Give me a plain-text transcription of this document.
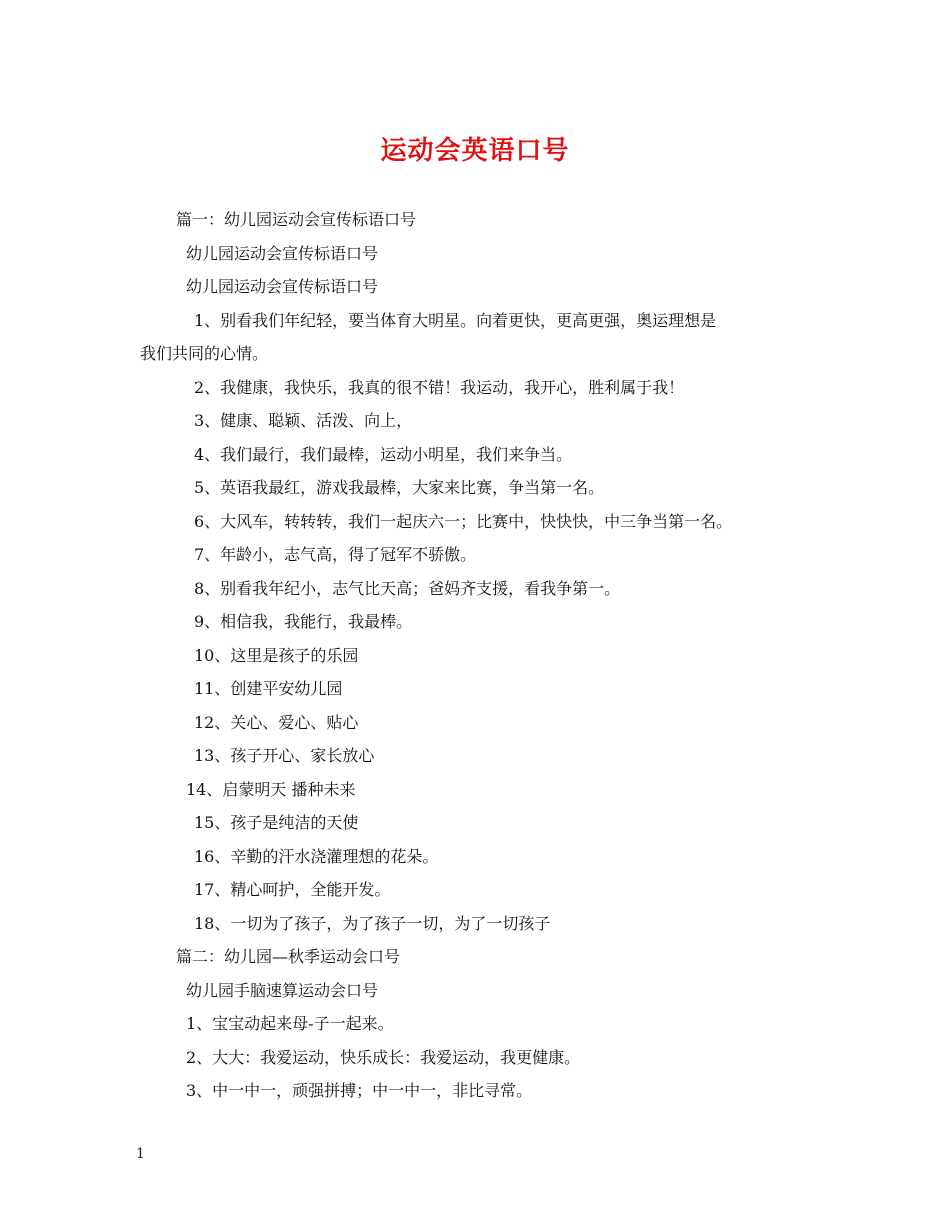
运动会英语口号
篇一：幼儿园运动会宣传标语口号
幼儿园运动会宣传标语口号
幼儿园运动会宣传标语口号
1、别看我们年纪轻，要当体育大明星。向着更快，更高更强，奥运理想是
我们共同的心情。
2、我健康，我快乐，我真的很不错！我运动，我开心，胜利属于我！
3、健康、聪颖、活泼、向上，
4、我们最行，我们最棒，运动小明星，我们来争当。
5、英语我最红，游戏我最棒，大家来比赛，争当第一名。
6、大风车，转转转，我们一起庆六一；比赛中，快快快，中三争当第一名。
7、年龄小，志气高，得了冠军不骄傲。
8、别看我年纪小，志气比天高；爸妈齐支援，看我争第一。
9、相信我，我能行，我最棒。
10、这里是孩子的乐园
11、创建平安幼儿园
12、关心、爱心、贴心
13、孩子开心、家长放心
14、启蒙明天 播种未来
15、孩子是纯洁的天使
16、辛勤的汗水浇灌理想的花朵。
17、精心呵护，全能开发。
18、一切为了孩子，为了孩子一切，为了一切孩子
篇二：幼儿园—秋季运动会口号
幼儿园手脑速算运动会口号
1、宝宝动起来母-子一起来。
2、大大：我爱运动，快乐成长：我爱运动，我更健康。
3、中一中一，顽强拼搏；中一中一，非比寻常。
1
